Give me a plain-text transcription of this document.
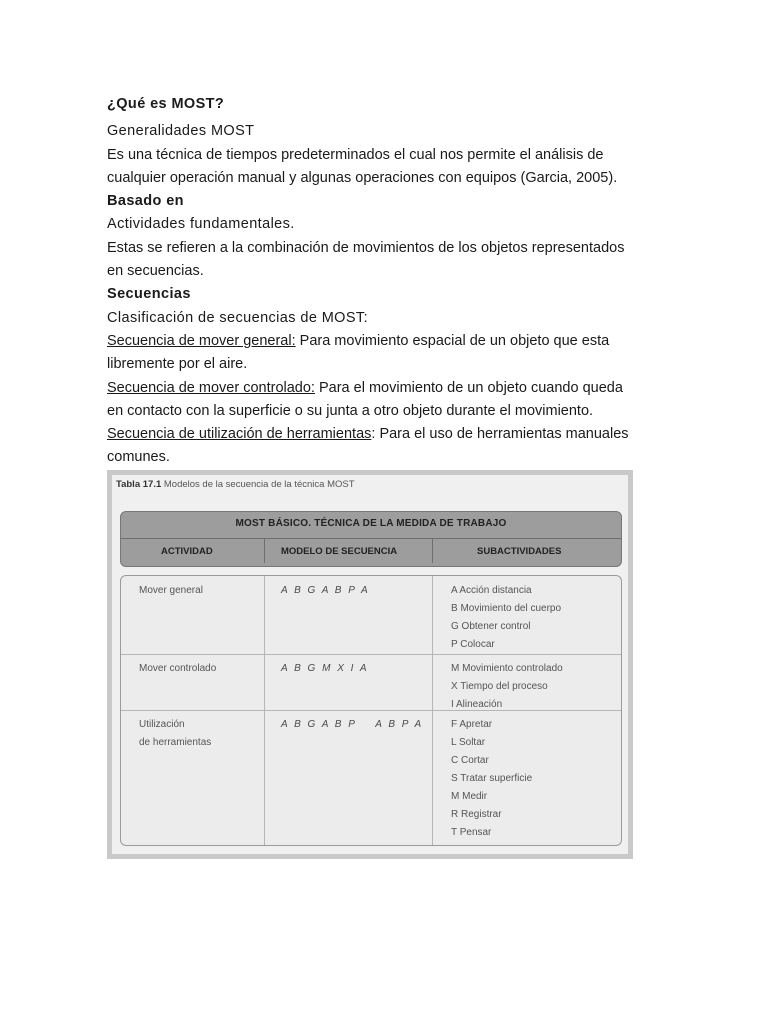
¿Qué es MOST?
Generalidades MOST
Es una técnica de tiempos predeterminados el cual nos permite el análisis de
cualquier operación manual y algunas operaciones con equipos (Garcia, 2005).
Basado en
Actividades fundamentales.
Estas se refieren a la combinación de movimientos de los objetos representados
en secuencias.
Secuencias
Clasificación de secuencias de MOST:
Secuencia de mover general: Para movimiento espacial de un objeto que esta
libremente por el aire.
Secuencia de mover controlado: Para el movimiento de un objeto cuando queda
en contacto con la superficie o su junta a otro objeto durante el movimiento.
Secuencia de utilización de herramientas: Para el uso de herramientas manuales
comunes.
Tabla 17.1 Modelos de la secuencia de la técnica MOST
MOST BÁSICO. TÉCNICA DE LA MEDIDA DE TRABAJO
ACTIVIDAD	MODELO DE SECUENCIA	SUBACTIVIDADES
Mover general	A B G A B P A	A Acción distancia
B Movimiento del cuerpo
G Obtener control
P Colocar
Mover controlado	A B G M X I A	M Movimiento controlado
X Tiempo del proceso
I Alineación
Utilización
de herramientas
A B G A B P    A B P A	F Apretar
L Soltar
C Cortar
S Tratar superficie
M Medir
R Registrar
T Pensar
